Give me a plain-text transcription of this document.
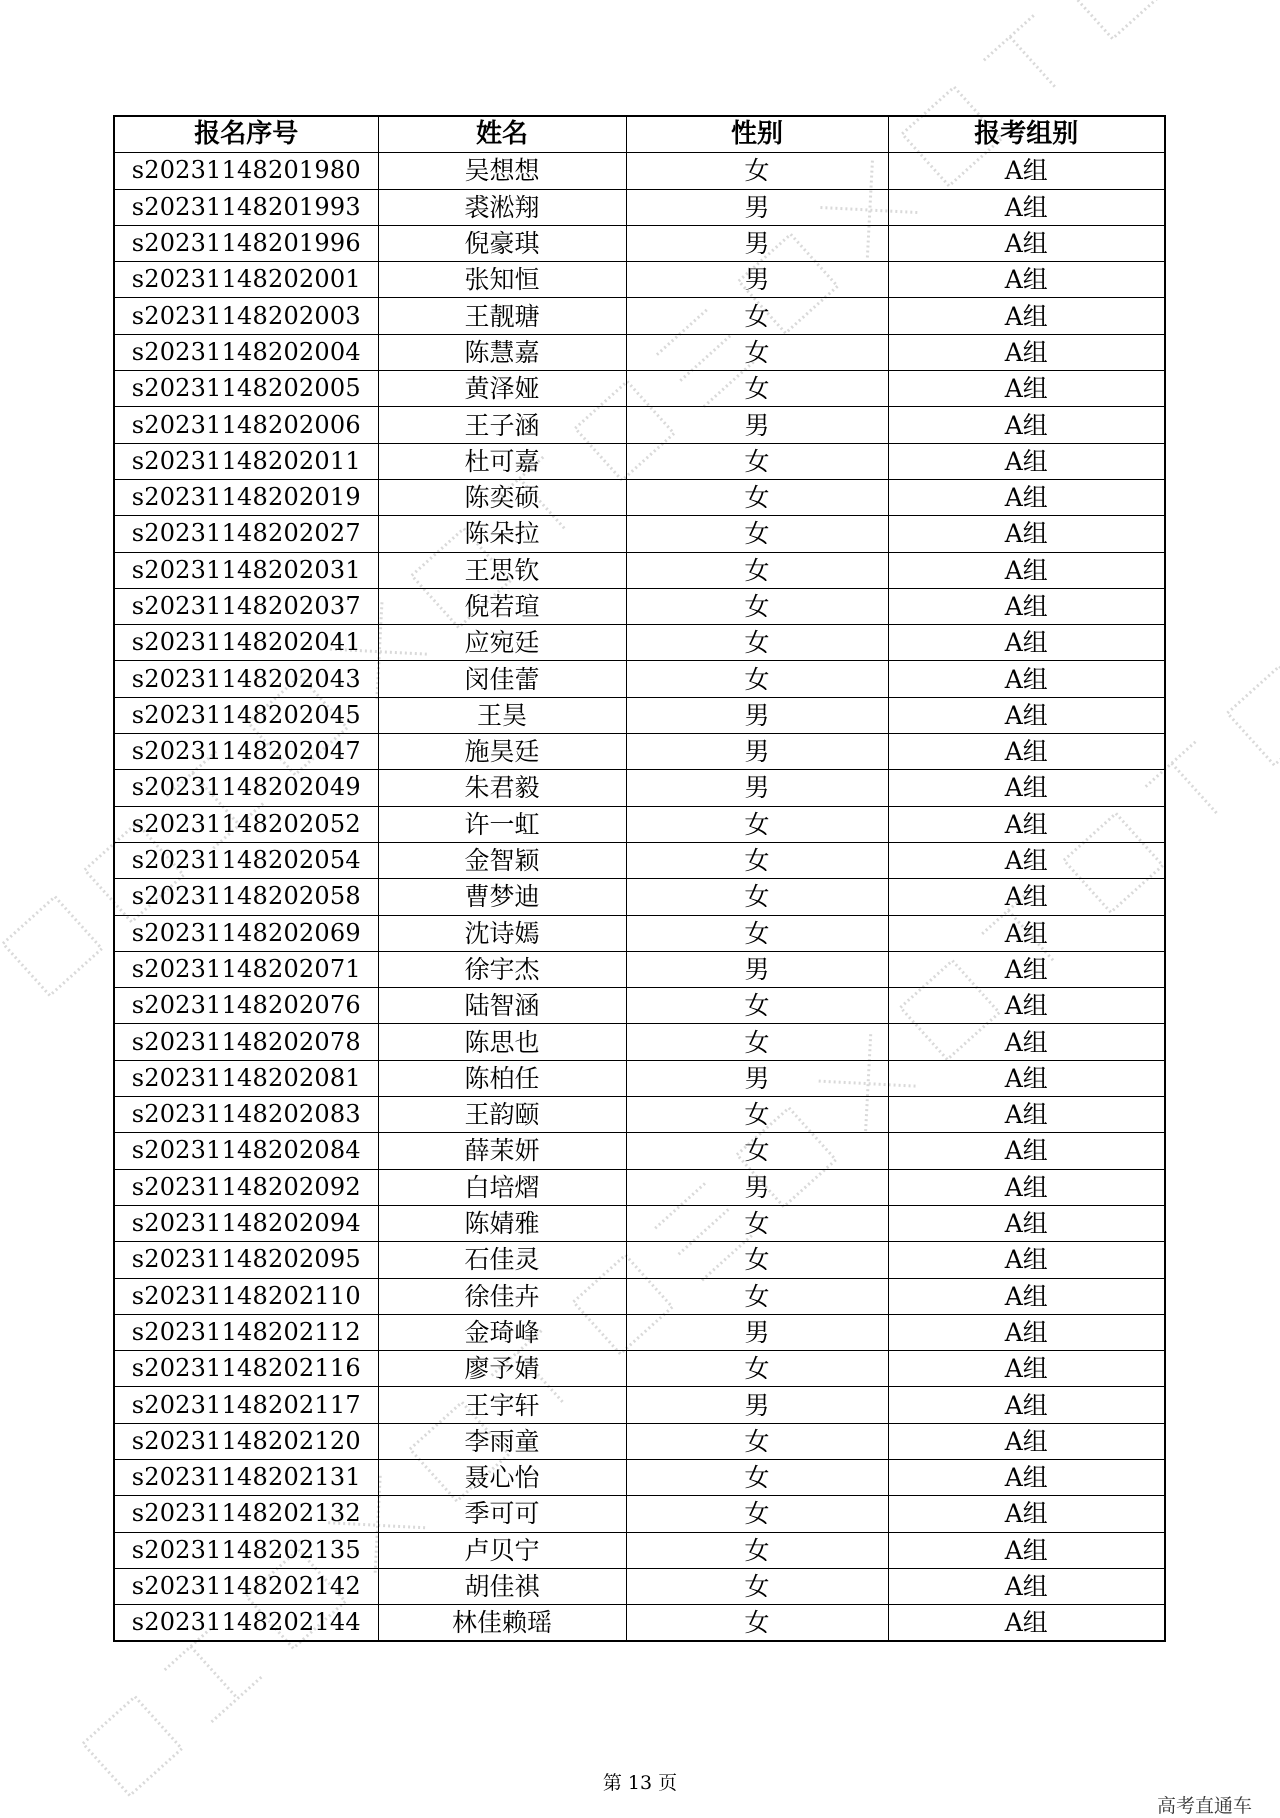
报名序号	姓名	性别	报考组别
s20231148201980	吴想想	女	A组
s20231148201993	裘淞翔	男	A组
s20231148201996	倪豪琪	男	A组
s20231148202001	张知恒	男	A组
s20231148202003	王靓瑭	女	A组
s20231148202004	陈慧嘉	女	A组
s20231148202005	黄泽娅	女	A组
s20231148202006	王子涵	男	A组
s20231148202011	杜可嘉	女	A组
s20231148202019	陈奕硕	女	A组
s20231148202027	陈朵拉	女	A组
s20231148202031	王思钦	女	A组
s20231148202037	倪若瑄	女	A组
s20231148202041	应宛廷	女	A组
s20231148202043	闵佳蕾	女	A组
s20231148202045	王昊	男	A组
s20231148202047	施昊廷	男	A组
s20231148202049	朱君毅	男	A组
s20231148202052	许一虹	女	A组
s20231148202054	金智颖	女	A组
s20231148202058	曹梦迪	女	A组
s20231148202069	沈诗嫣	女	A组
s20231148202071	徐宇杰	男	A组
s20231148202076	陆智涵	女	A组
s20231148202078	陈思也	女	A组
s20231148202081	陈柏任	男	A组
s20231148202083	王韵颐	女	A组
s20231148202084	薛茉妍	女	A组
s20231148202092	白培熠	男	A组
s20231148202094	陈婧雅	女	A组
s20231148202095	石佳灵	女	A组
s20231148202110	徐佳卉	女	A组
s20231148202112	金琦峰	男	A组
s20231148202116	廖予婧	女	A组
s20231148202117	王宇轩	男	A组
s20231148202120	李雨童	女	A组
s20231148202131	聂心怡	女	A组
s20231148202132	季可可	女	A组
s20231148202135	卢贝宁	女	A组
s20231148202142	胡佳祺	女	A组
s20231148202144	林佳赖瑶	女	A组
第 13 页
高考直通车
